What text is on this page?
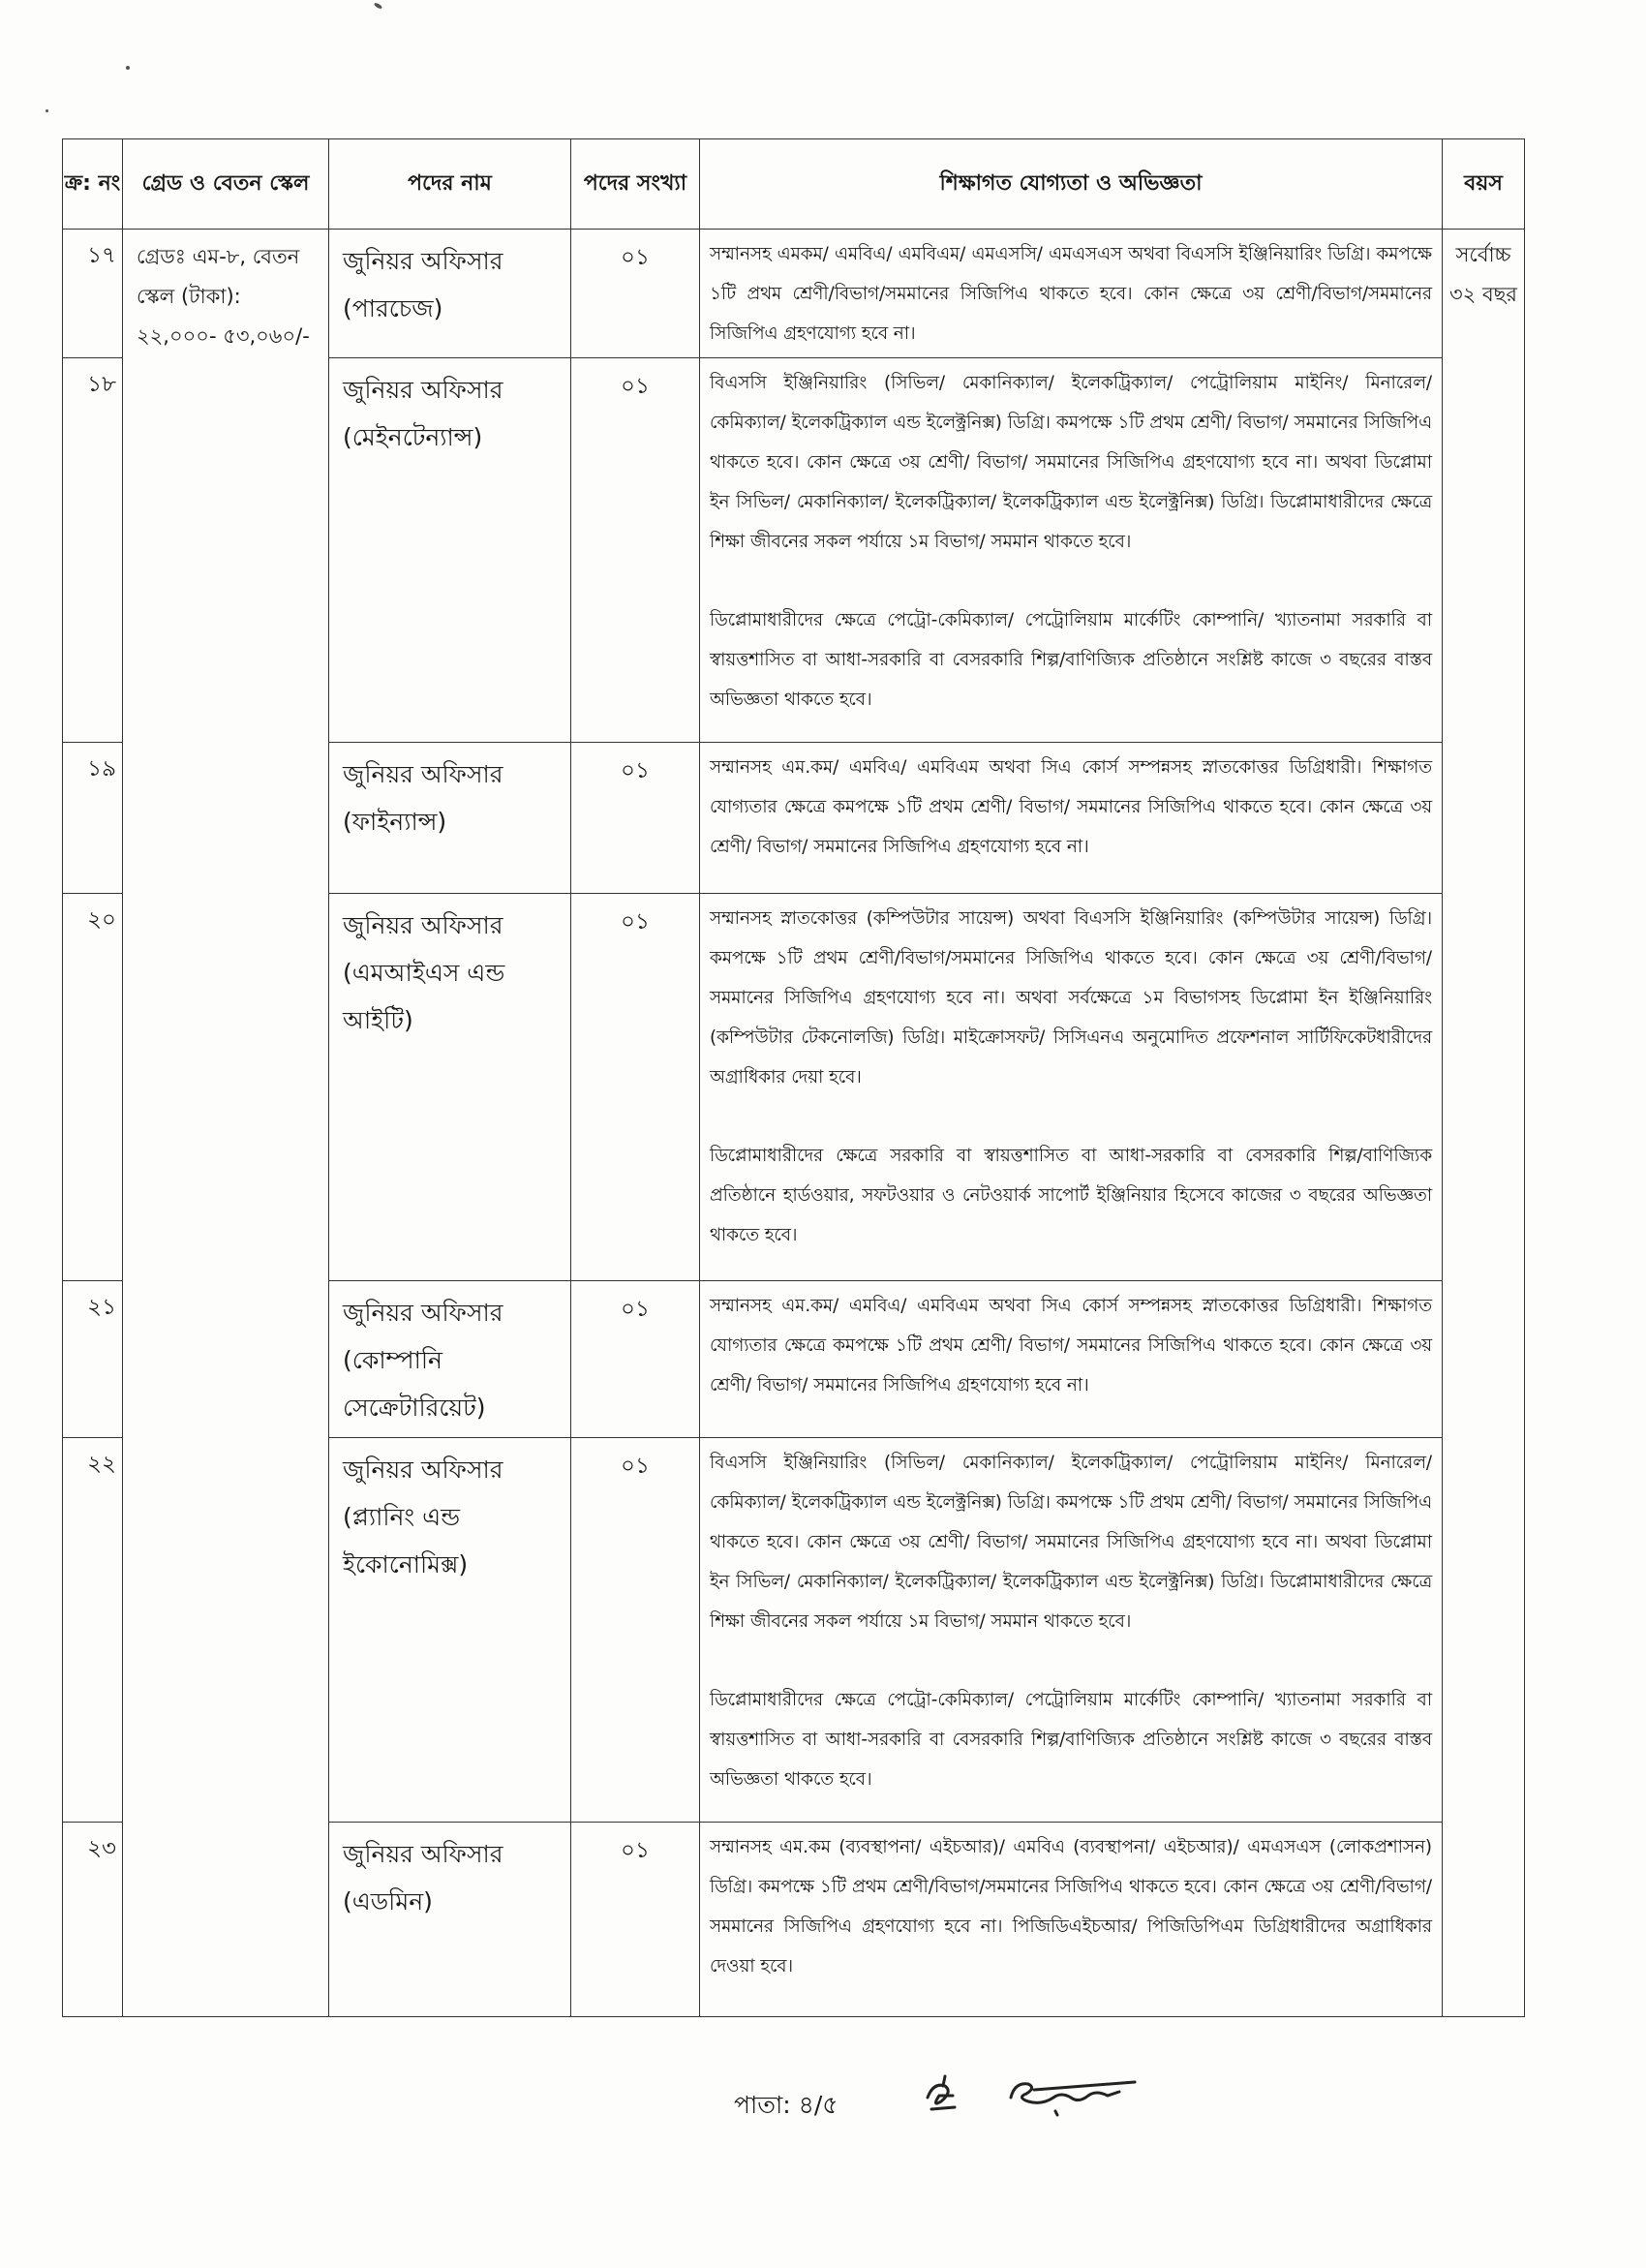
ক্র: নং	গ্রেড ও বেতন স্কেল	পদের নাম	পদের সংখ্যা	শিক্ষাগত যোগ্যতা ও অভিজ্ঞতা	বয়স
১৭	গ্রেডঃ এম-৮, বেতন স্কেল (টাকা): ২২,০০০- ৫৩,০৬০/-	জুনিয়র অফিসার (পারচেজ)	০১	সম্মানসহ এমকম/ এমবিএ/ এমবিএম/ এমএসসি/ এমএসএস অথবা বিএসসি ইঞ্জিনিয়ারিং ডিগ্রি। কমপক্ষে ১টি প্রথম শ্রেণী/বিভাগ/সমমানের সিজিপিএ থাকতে হবে। কোন ক্ষেত্রে ৩য় শ্রেণী/বিভাগ/সমমানের সিজিপিএ গ্রহণযোগ্য হবে না।	সর্বোচ্চ ৩২ বছর
১৮		জুনিয়র অফিসার (মেইনটেন্যান্স)	০১	বিএসসি ইঞ্জিনিয়ারিং (সিভিল/ মেকানিক্যাল/ ইলেকট্রিক্যাল/ পেট্রোলিয়াম মাইনিং/ মিনারেল/ কেমিক্যাল/ ইলেকট্রিক্যাল এন্ড ইলেক্ট্রনিক্স) ডিগ্রি। কমপক্ষে ১টি প্রথম শ্রেণী/ বিভাগ/ সমমানের সিজিপিএ থাকতে হবে। কোন ক্ষেত্রে ৩য় শ্রেণী/ বিভাগ/ সমমানের সিজিপিএ গ্রহণযোগ্য হবে না। অথবা ডিপ্লোমা ইন সিভিল/ মেকানিক্যাল/ ইলেকট্রিক্যাল/ ইলেকট্রিক্যাল এন্ড ইলেক্ট্রনিক্স) ডিগ্রি। ডিপ্লোমাধারীদের ক্ষেত্রে শিক্ষা জীবনের সকল পর্যায়ে ১ম বিভাগ/ সমমান থাকতে হবে।

ডিপ্লোমাধারীদের ক্ষেত্রে পেট্রো-কেমিক্যাল/ পেট্রোলিয়াম মার্কেটিং কোম্পানি/ খ্যাতনামা সরকারি বা স্বায়ত্তশাসিত বা আধা-সরকারি বা বেসরকারি শিল্প/বাণিজ্যিক প্রতিষ্ঠানে সংশ্লিষ্ট কাজে ৩ বছরের বাস্তব অভিজ্ঞতা থাকতে হবে।	

১৯		জুনিয়র অফিসার (ফাইন্যান্স)	০১	সম্মানসহ এম.কম/ এমবিএ/ এমবিএম অথবা সিএ কোর্স সম্পন্নসহ স্নাতকোত্তর ডিগ্রিধারী। শিক্ষাগত যোগ্যতার ক্ষেত্রে কমপক্ষে ১টি প্রথম শ্রেণী/ বিভাগ/ সমমানের সিজিপিএ থাকতে হবে। কোন ক্ষেত্রে ৩য় শ্রেণী/ বিভাগ/ সমমানের সিজিপিএ গ্রহণযোগ্য হবে না।	

২০		জুনিয়র অফিসার (এমআইএস এন্ড আইটি)	০১	সম্মানসহ স্নাতকোত্তর (কম্পিউটার সায়েন্স) অথবা বিএসসি ইঞ্জিনিয়ারিং (কম্পিউটার সায়েন্স) ডিগ্রি। কমপক্ষে ১টি প্রথম শ্রেণী/বিভাগ/সমমানের সিজিপিএ থাকতে হবে। কোন ক্ষেত্রে ৩য় শ্রেণী/বিভাগ/সমমানের সিজিপিএ গ্রহণযোগ্য হবে না। অথবা সর্বক্ষেত্রে ১ম বিভাগসহ ডিপ্লোমা ইন ইঞ্জিনিয়ারিং (কম্পিউটার টেকনোলজি) ডিগ্রি। মাইক্রোসফট/ সিসিএনএ অনুমোদিত প্রফেশনাল সার্টিফিকেটধারীদের অগ্রাধিকার দেয়া হবে।

ডিপ্লোমাধারীদের ক্ষেত্রে সরকারি বা স্বায়ত্তশাসিত বা আধা-সরকারি বা বেসরকারি শিল্প/বাণিজ্যিক প্রতিষ্ঠানে হার্ডওয়ার, সফটওয়ার ও নেটওয়ার্ক সাপোর্ট ইঞ্জিনিয়ার হিসেবে কাজের ৩ বছরের অভিজ্ঞতা থাকতে হবে।	

২১		জুনিয়র অফিসার (কোম্পানি সেক্রেটারিয়েট)	০১	সম্মানসহ এম.কম/ এমবিএ/ এমবিএম অথবা সিএ কোর্স সম্পন্নসহ স্নাতকোত্তর ডিগ্রিধারী। শিক্ষাগত যোগ্যতার ক্ষেত্রে কমপক্ষে ১টি প্রথম শ্রেণী/ বিভাগ/ সমমানের সিজিপিএ থাকতে হবে। কোন ক্ষেত্রে ৩য় শ্রেণী/ বিভাগ/ সমমানের সিজিপিএ গ্রহণযোগ্য হবে না।	

২২		জুনিয়র অফিসার (প্ল্যানিং এন্ড ইকোনোমিক্স)	০১	বিএসসি ইঞ্জিনিয়ারিং (সিভিল/ মেকানিক্যাল/ ইলেকট্রিক্যাল/ পেট্রোলিয়াম মাইনিং/ মিনারেল/ কেমিক্যাল/ ইলেকট্রিক্যাল এন্ড ইলেক্ট্রনিক্স) ডিগ্রি। কমপক্ষে ১টি প্রথম শ্রেণী/ বিভাগ/ সমমানের সিজিপিএ থাকতে হবে। কোন ক্ষেত্রে ৩য় শ্রেণী/ বিভাগ/ সমমানের সিজিপিএ গ্রহণযোগ্য হবে না। অথবা ডিপ্লোমা ইন সিভিল/ মেকানিক্যাল/ ইলেকট্রিক্যাল/ ইলেকট্রিক্যাল এন্ড ইলেক্ট্রনিক্স) ডিগ্রি। ডিপ্লোমাধারীদের ক্ষেত্রে শিক্ষা জীবনের সকল পর্যায়ে ১ম বিভাগ/ সমমান থাকতে হবে।

ডিপ্লোমাধারীদের ক্ষেত্রে পেট্রো-কেমিক্যাল/ পেট্রোলিয়াম মার্কেটিং কোম্পানি/ খ্যাতনামা সরকারি বা স্বায়ত্তশাসিত বা আধা-সরকারি বা বেসরকারি শিল্প/বাণিজ্যিক প্রতিষ্ঠানে সংশ্লিষ্ট কাজে ৩ বছরের বাস্তব অভিজ্ঞতা থাকতে হবে।	

২৩		জুনিয়র অফিসার (এডমিন)	০১	সম্মানসহ এম.কম (ব্যবস্থাপনা/ এইচআর)/ এমবিএ (ব্যবস্থাপনা/ এইচআর)/ এমএসএস (লোকপ্রশাসন) ডিগ্রি। কমপক্ষে ১টি প্রথম শ্রেণী/বিভাগ/সমমানের সিজিপিএ থাকতে হবে। কোন ক্ষেত্রে ৩য় শ্রেণী/বিভাগ/সমমানের সিজিপিএ গ্রহণযোগ্য হবে না। পিজিডিএইচআর/ পিজিডিপিএম ডিগ্রিধারীদের অগ্রাধিকার দেওয়া হবে।	

পাতা: ৪/৫
